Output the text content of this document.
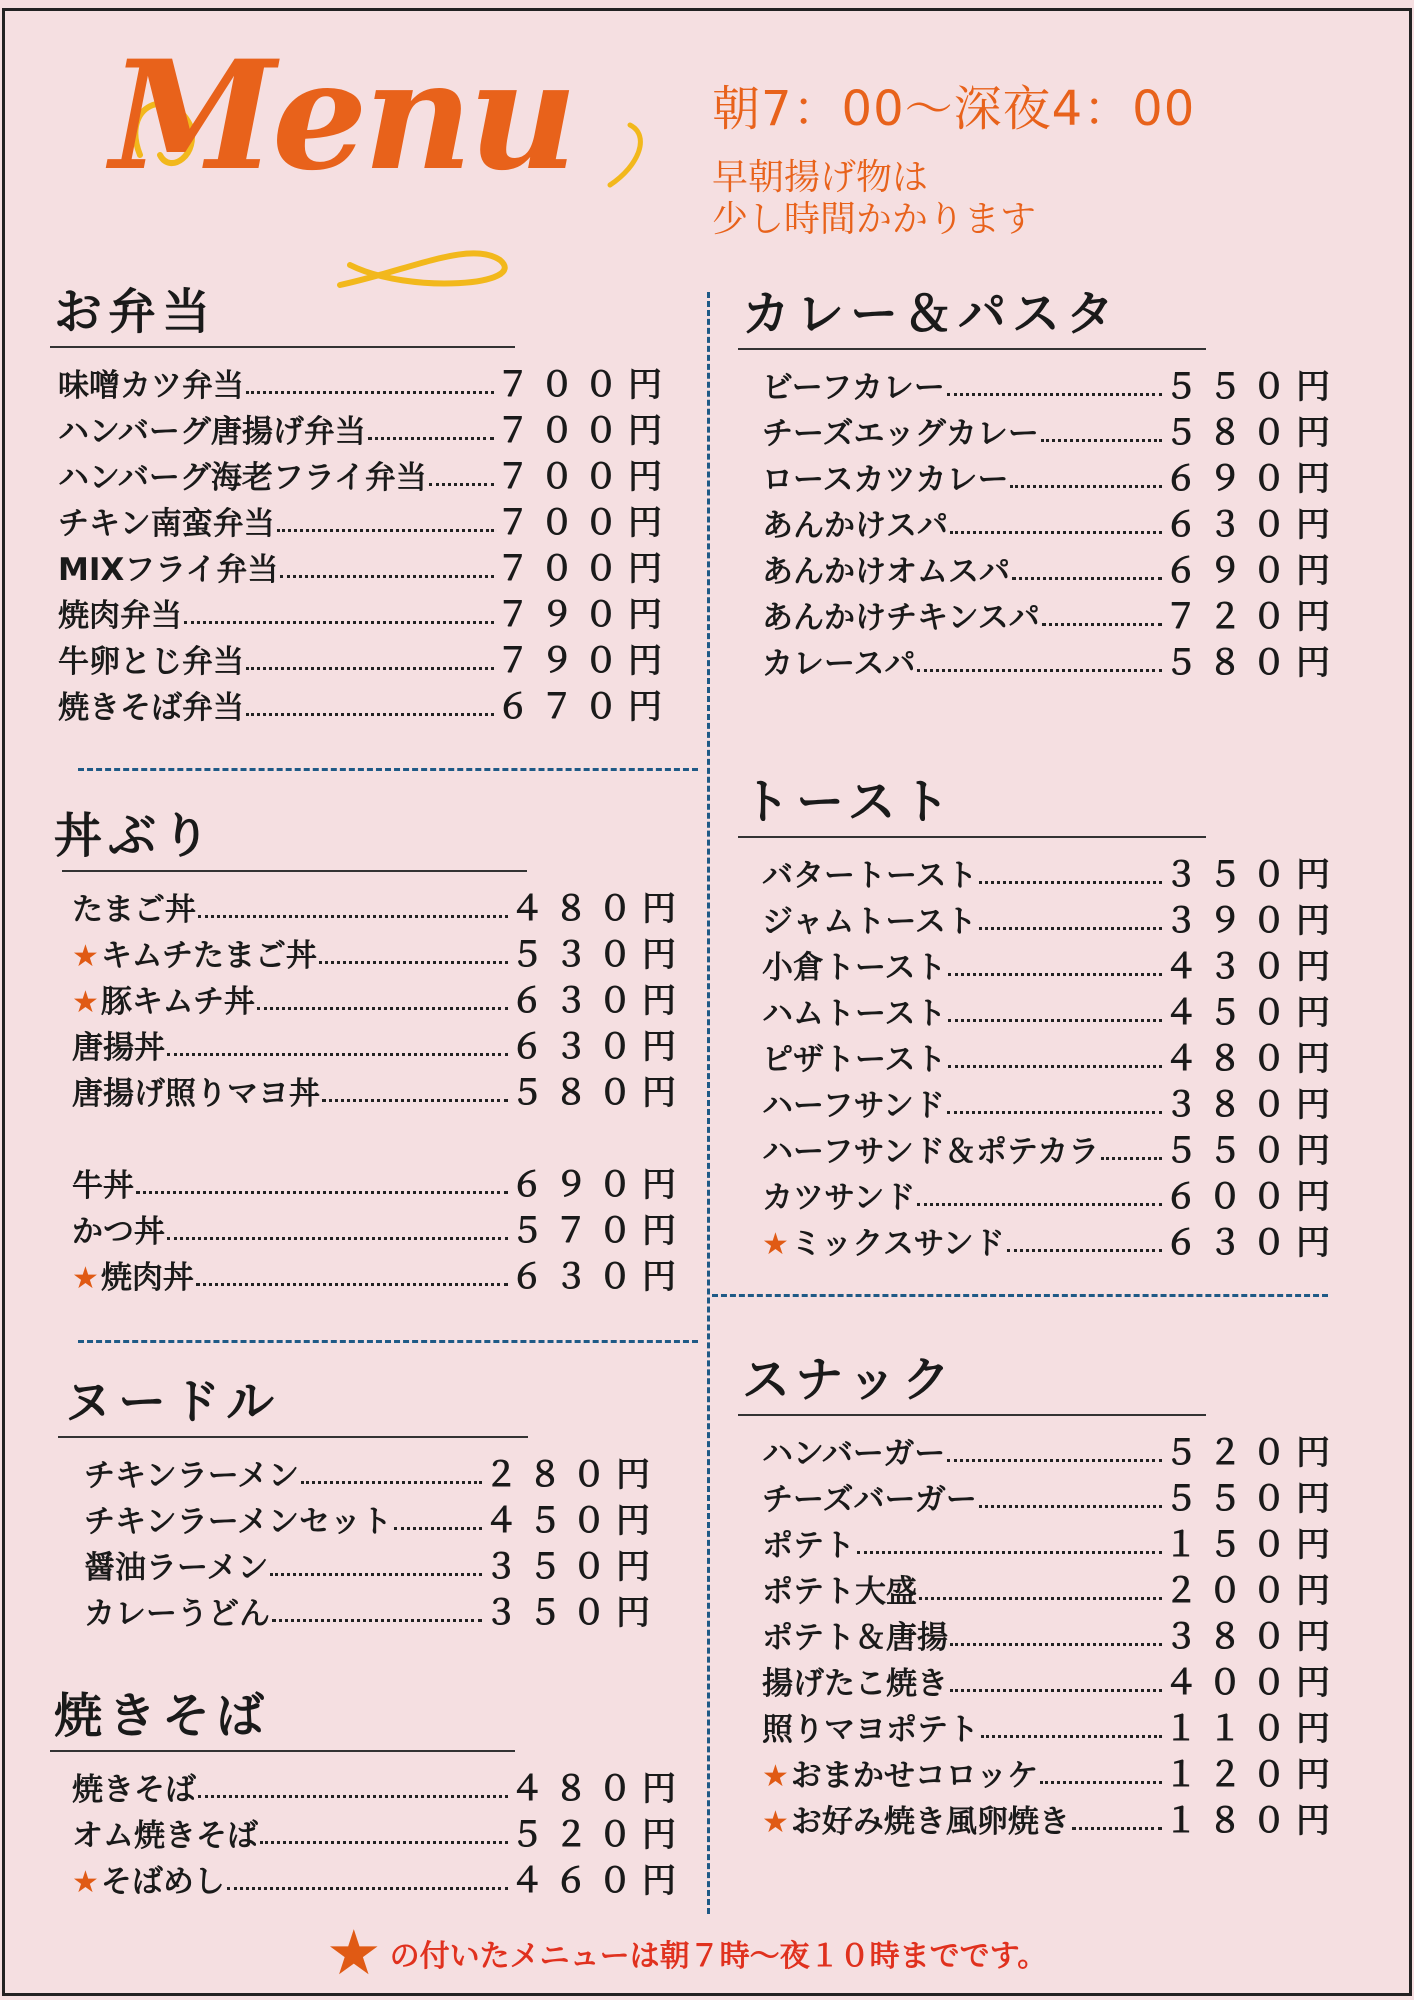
Menu	朝7：00～深夜4：00
早朝揚げ物は
少し時間かかります
お弁当
味噌カツ弁当	７００円
ハンバーグ唐揚げ弁当	７００円
ハンバーグ海老フライ弁当 ７００円
チキン南蛮弁当	７００円
MIXフライ弁当	７００円
焼肉弁当	７９０円
牛卵とじ弁当	７９０円
焼きそば弁当	６７０円
丼ぶり
たまご丼	４８０円
★ キムチたまご丼	５３０円
★ 豚キムチ丼	６３０円
唐揚丼	６３０円
唐揚げ照りマヨ丼	５８０円
牛丼	６９０円
かつ丼	５７０円
★ 焼肉丼	６３０円
ヌードル
チキンラーメン	２８０円
チキンラーメンセット	４５０円
醤油ラーメン	３５０円
カレーうどん	３５０円
焼きそば
焼きそば	４８０円
オム焼きそば	５２０円
★ そばめし	４６０円
カレー＆パスタ
ビーフカレー	５５０円
チーズエッグカレー	５８０円
ロースカツカレー	６９０円
あんかけスパ	６３０円
あんかけオムスパ	６９０円
あんかけチキンスパ	７２０円
カレースパ	５８０円
トースト
バタートースト	３５０円
ジャムトースト	３９０円
小倉トースト	４３０円
ハムトースト	４５０円
ピザトースト	４８０円
ハーフサンド	３８０円
ハーフサンド＆ポテカラ ５５０円
カツサンド	６００円
★ ミックスサンド	６３０円
スナック
ハンバーガー	５２０円
チーズバーガー	５５０円
ポテト	１５０円
ポテト大盛	２００円
ポテト＆唐揚	３８０円
揚げたこ焼き	４００円
照りマヨポテト	１１０円
★ おまかせコロッケ	１２０円
★ お好み焼き風卵焼き	１８０円
★ の付いたメニューは朝７時～夜１０時までです。
